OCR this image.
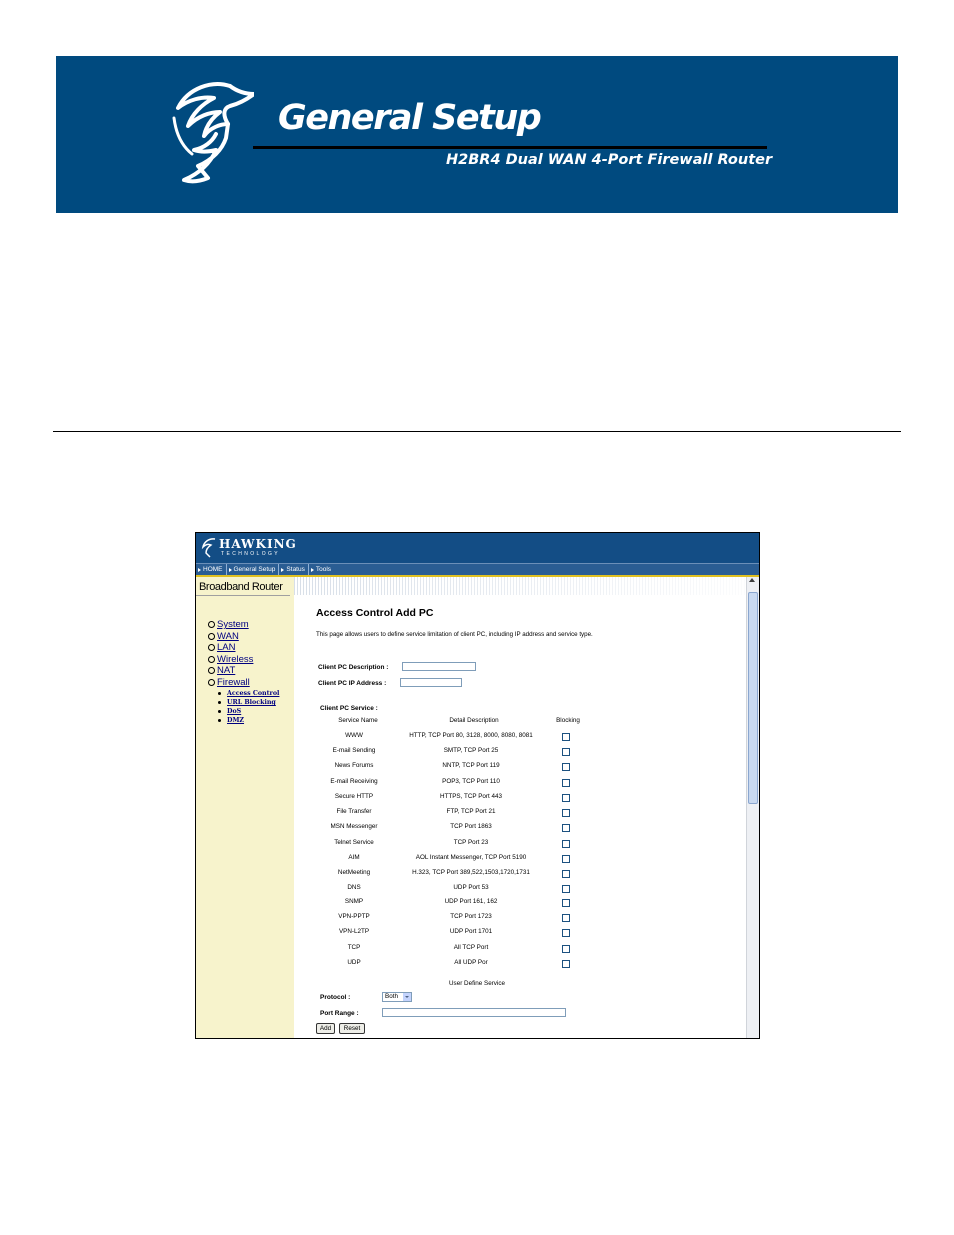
General Setup
H2BR4 Dual WAN 4-Port Firewall Router
HAWKING
TECHNOLOGY
HOME General Setup Status Tools
Broadband Router
System
WAN
LAN
Wireless
NAT
Firewall
Access Control
URL Blocking
DoS
DMZ
Access Control Add PC
This page allows users to define service limitation of client PC, including IP address and service type.
Client PC Description :
Client PC IP Address :
Client PC Service :
Service Name	Detail Description	Blocking
WWW	HTTP, TCP Port 80, 3128, 8000, 8080, 8081
E-mail Sending	SMTP, TCP Port 25
News Forums	NNTP, TCP Port 119
E-mail Receiving	POP3, TCP Port 110
Secure HTTP	HTTPS, TCP Port 443
File Transfer	FTP, TCP Port 21
MSN Messenger	TCP Port 1863
Telnet Service	TCP Port 23
AIM	AOL Instant Messenger, TCP Port 5190
NetMeeting	H.323, TCP Port 389,522,1503,1720,1731
DNS	UDP Port 53
SNMP	UDP Port 161, 162
VPN-PPTP	TCP Port 1723
VPN-L2TP	UDP Port 1701
TCP	All TCP Port
UDP	All UDP Por
User Define Service
Protocol :	Both
Port Range :
Add	Reset
